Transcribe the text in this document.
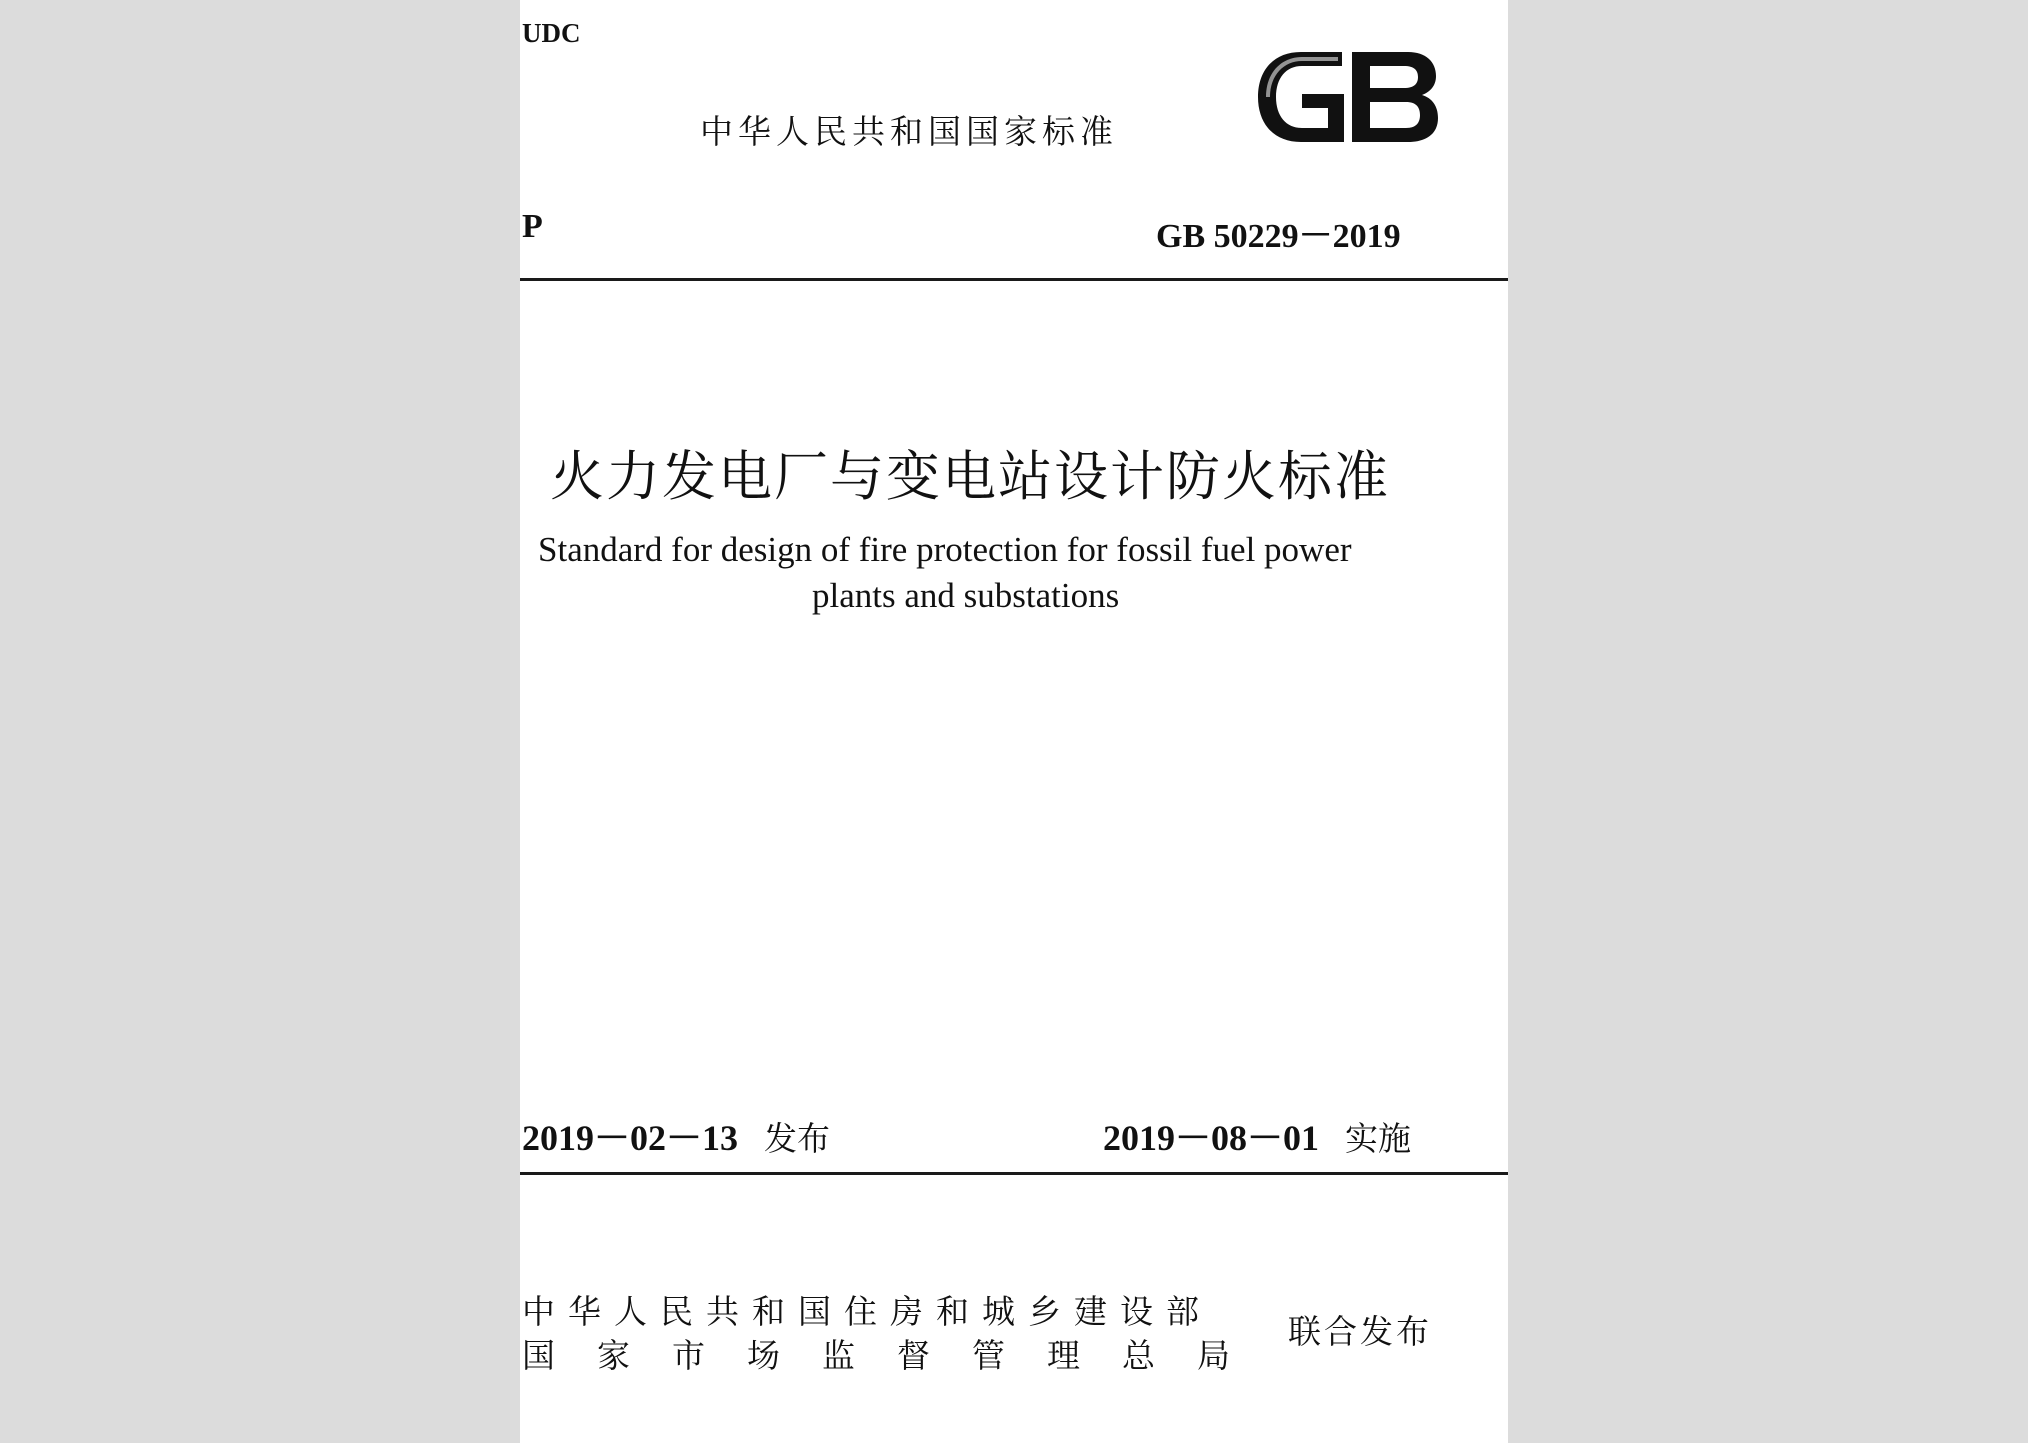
UDC
中华人民共和国国家标准
GB
P	GB 50229－2019
火力发电厂与变电站设计防火标准
Standard for design of fire protection for fossil fuel power
plants and substations
2019－02－13 发布	2019－08－01 实施
中华人民共和国住房和城乡建设部
国家市场监督管理总局
联合发布
